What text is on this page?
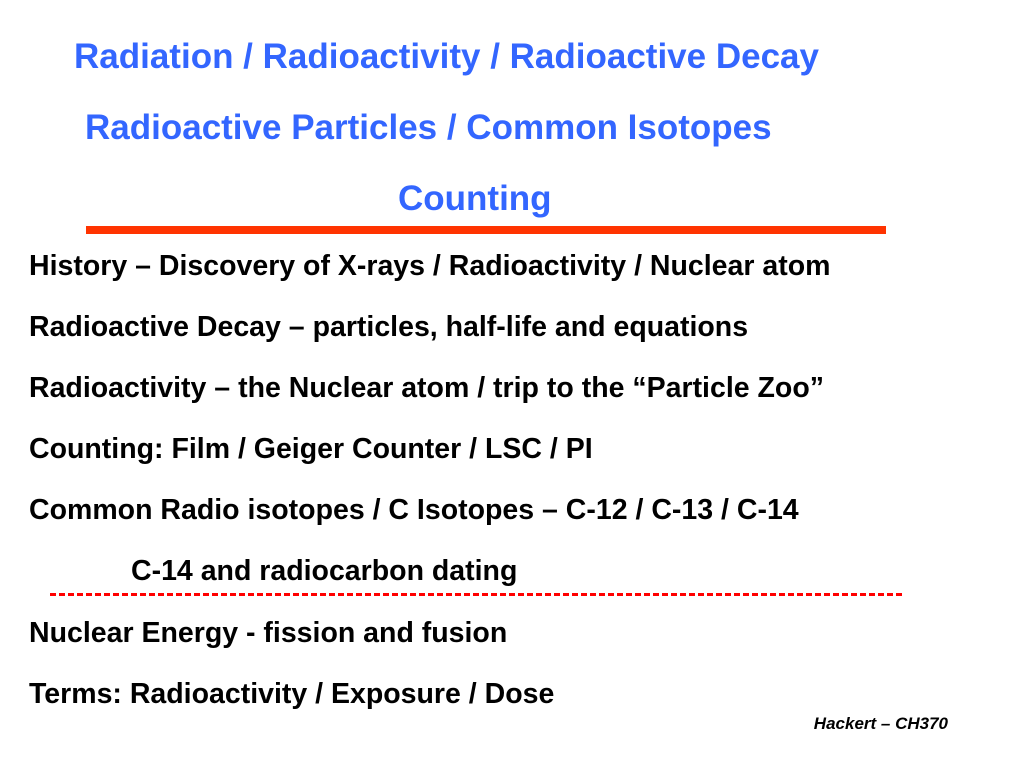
Radiation / Radioactivity / Radioactive Decay
Radioactive Particles / Common Isotopes
Counting
History – Discovery of X-rays / Radioactivity / Nuclear atom
Radioactive Decay – particles, half-life and equations
Radioactivity – the Nuclear atom / trip to the “Particle Zoo”
Counting: Film / Geiger Counter / LSC / PI
Common Radio isotopes / C Isotopes – C-12 / C-13 / C-14
C-14 and radiocarbon dating
Nuclear Energy - fission and fusion
Terms: Radioactivity / Exposure / Dose
Hackert – CH370
